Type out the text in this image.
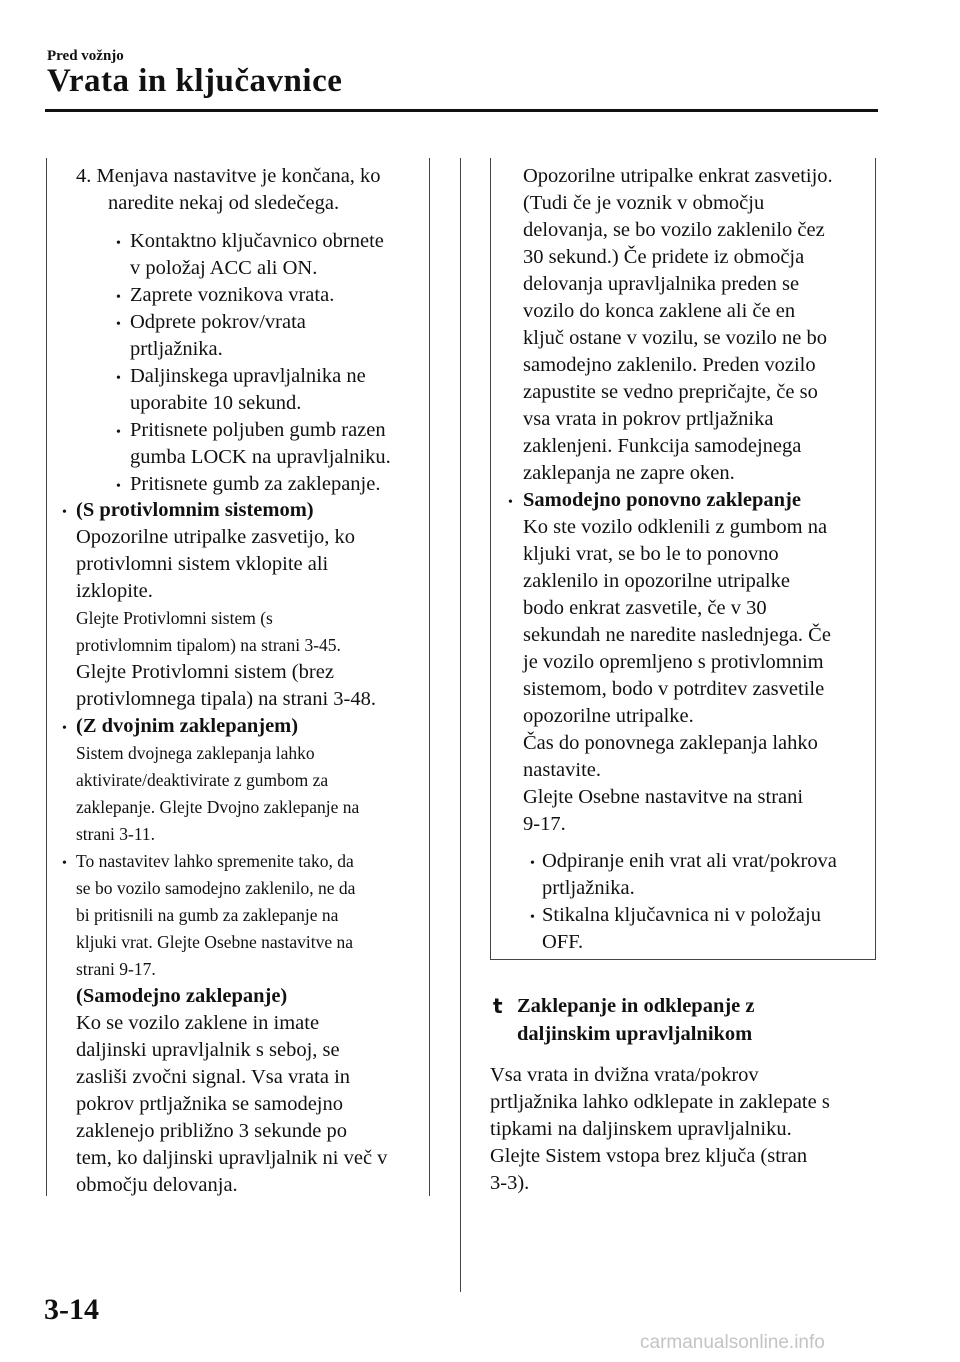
Pred vožnjo
Vrata in ključavnice
4. Menjava nastavitve je končana, ko
naredite nekaj od sledečega.
• Kontaktno ključavnico obrnete
v položaj ACC ali ON.
• Zaprete voznikova vrata.
• Odprete pokrov/vrata
prtljažnika.
• Daljinskega upravljalnika ne
uporabite 10 sekund.
• Pritisnete poljuben gumb razen
gumba LOCK na upravljalniku.
• Pritisnete gumb za zaklepanje.
• (S protivlomnim sistemom)
Opozorilne utripalke zasvetijo, ko
protivlomni sistem vklopite ali
izklopite.
Glejte Protivlomni sistem (s
protivlomnim tipalom) na strani 3-45.
Glejte Protivlomni sistem (brez
protivlomnega tipala) na strani 3-48.
• (Z dvojnim zaklepanjem)
Sistem dvojnega zaklepanja lahko
aktivirate/deaktivirate z gumbom za
zaklepanje. Glejte Dvojno zaklepanje na
strani 3-11.
• To nastavitev lahko spremenite tako, da
se bo vozilo samodejno zaklenilo, ne da
bi pritisnili na gumb za zaklepanje na
kljuki vrat. Glejte Osebne nastavitve na
strani 9-17.
(Samodejno zaklepanje)
Ko se vozilo zaklene in imate
daljinski upravljalnik s seboj, se
zasliši zvočni signal. Vsa vrata in
pokrov prtljažnika se samodejno
zaklenejo približno 3 sekunde po
tem, ko daljinski upravljalnik ni več v
območju delovanja.
Opozorilne utripalke enkrat zasvetijo.
(Tudi če je voznik v območju
delovanja, se bo vozilo zaklenilo čez
30 sekund.) Če pridete iz območja
delovanja upravljalnika preden se
vozilo do konca zaklene ali če en
ključ ostane v vozilu, se vozilo ne bo
samodejno zaklenilo. Preden vozilo
zapustite se vedno prepričajte, če so
vsa vrata in pokrov prtljažnika
zaklenjeni. Funkcija samodejnega
zaklepanja ne zapre oken.
• Samodejno ponovno zaklepanje
Ko ste vozilo odklenili z gumbom na
kljuki vrat, se bo le to ponovno
zaklenilo in opozorilne utripalke
bodo enkrat zasvetile, če v 30
sekundah ne naredite naslednjega. Če
je vozilo opremljeno s protivlomnim
sistemom, bodo v potrditev zasvetile
opozorilne utripalke.
Čas do ponovnega zaklepanja lahko
nastavite.
Glejte Osebne nastavitve na strani
9-17.
• Odpiranje enih vrat ali vrat/pokrova
prtljažnika.
• Stikalna ključavnica ni v položaju
OFF.
t Zaklepanje in odklepanje z
daljinskim upravljalnikom
Vsa vrata in dvižna vrata/pokrov
prtljažnika lahko odklepate in zaklepate s
tipkami na daljinskem upravljalniku.
Glejte Sistem vstopa brez ključa (stran
3-3).
3-14
carmanualsonline.info
